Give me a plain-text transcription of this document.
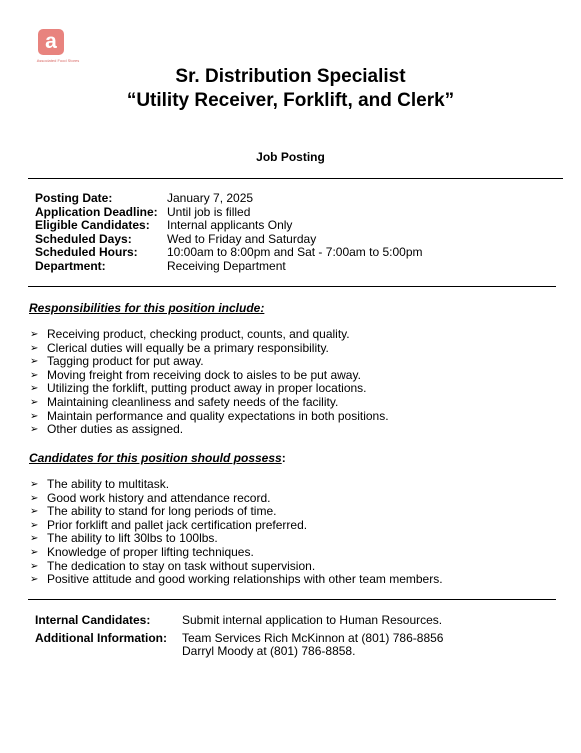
a
Associated Food Stores
Sr. Distribution Specialist
“Utility Receiver, Forklift, and Clerk”
Job Posting
Posting Date:	January 7, 2025
Application Deadline: Until job is filled
Eligible Candidates:	Internal applicants Only
Scheduled Days:	Wed to Friday and Saturday
Scheduled Hours:	10:00am to 8:00pm and Sat - 7:00am to 5:00pm
Department:	Receiving Department
Responsibilities for this position include:
➢ Receiving product, checking product, counts, and quality.
➢ Clerical duties will equally be a primary responsibility.
➢ Tagging product for put away.
➢ Moving freight from receiving dock to aisles to be put away.
➢ Utilizing the forklift, putting product away in proper locations.
➢ Maintaining cleanliness and safety needs of the facility.
➢ Maintain performance and quality expectations in both positions.
➢ Other duties as assigned.
Candidates for this position should possess:
➢ The ability to multitask.
➢ Good work history and attendance record.
➢ The ability to stand for long periods of time.
➢ Prior forklift and pallet jack certification preferred.
➢ The ability to lift 30lbs to 100lbs.
➢ Knowledge of proper lifting techniques.
➢ The dedication to stay on task without supervision.
➢ Positive attitude and good working relationships with other team members.
Internal Candidates:	Submit internal application to Human Resources.
Additional Information:	Team Services Rich McKinnon at (801) 786-8856
Darryl Moody at (801) 786-8858.
